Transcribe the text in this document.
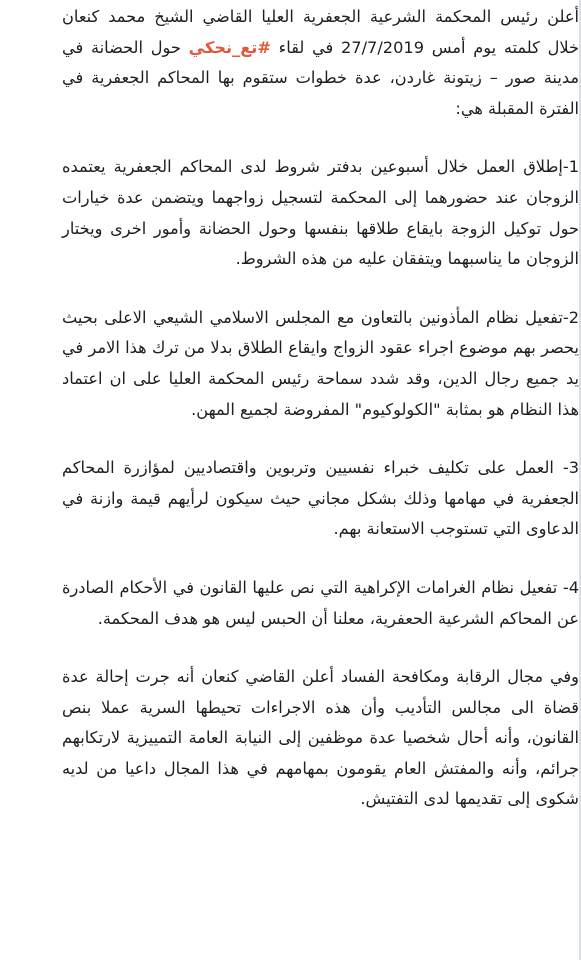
أعلن رئيس المحكمة الشرعية الجعفرية العليا القاضي الشيخ محمد كنعان خلال كلمته يوم أمس 27/7/2019 في لقاء #تع_نحكي حول الحضانة في مدينة صور – زيتونة غاردن، عدة خطوات ستقوم بها المحاكم الجعفرية في الفترة المقبلة هي:

1-إطلاق العمل خلال أسبوعين بدفتر شروط لدى المحاكم الجعفرية يعتمده الزوجان عند حضورهما إلى المحكمة لتسجيل زواجهما ويتضمن عدة خيارات حول توكيل الزوجة بايقاع طلاقها بنفسها وحول الحضانة وأمور اخرى ويختار الزوجان ما يناسبهما ويتفقان عليه من هذه الشروط.

2-تفعيل نظام المأذونين بالتعاون مع المجلس الاسلامي الشيعي الاعلى بحيث يحصر بهم موضوع اجراء عقود الزواج وايقاع الطلاق بدلا من ترك هذا الامر في يد جميع رجال الدين، وقد شدد سماحة رئيس المحكمة العليا على ان اعتماد هذا النظام هو بمثابة "الكولوكيوم" المفروضة لجميع المهن.

3- العمل على تكليف خبراء نفسيين وتربوين واقتصاديين لمؤازرة المحاكم الجعفرية في مهامها وذلك بشكل مجاني حيث سيكون لرأيهم قيمة وازنة في الدعاوى التي تستوجب الاستعانة بهم.

4- تفعيل نظام الغرامات الإكراهية التي نص عليها القانون في الأحكام الصادرة عن المحاكم الشرعية الحعفرية، معلنا أن الحبس ليس هو هدف المحكمة.

وفي مجال الرقابة ومكافحة الفساد أعلن القاضي كنعان أنه جرت إحالة عدة قضاة الى مجالس التأديب وأن هذه الاجراءات تحيطها السرية عملا بنص القانون، وأنه أحال شخصيا عدة موظفين إلى النيابة العامة التمييزية لارتكابهم جرائم، وأنه والمفتش العام يقومون بمهامهم في هذا المجال داعيا من لديه شكوى إلى تقديمها لدى التفتيش.
